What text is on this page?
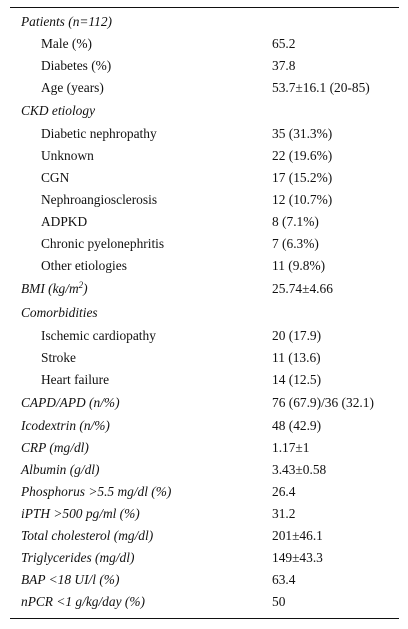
Patients (n=112)	
Male (%)	65.2
Diabetes (%)	37.8
Age (years)	53.7±16.1 (20-85)
CKD etiology	
Diabetic nephropathy	35 (31.3%)
Unknown	22 (19.6%)
CGN	17 (15.2%)
Nephroangiosclerosis	12 (10.7%)
ADPKD	8 (7.1%)
Chronic pyelonephritis	7 (6.3%)
Other etiologies	11 (9.8%)
BMI $(kg/m^2)$	25.74±4.66
Comorbidities	
Ischemic cardiopathy	20 (17.9)
Stroke	11 (13.6)
Heart failure	14 (12.5)
CAPD/APD (n/%)	76 (67.9)/36 (32.1)
Icodextrin (n/%)	48 (42.9)
CRP (mg/dl)	1.17±1
Albumin (g/dl)	3.43±0.58
Phosphorus >5.5 mg/dl (%)	26.4
iPTH >500 pg/ml (%)	31.2
Total cholesterol (mg/dl)	201±46.1
Triglycerides (mg/dl)	149±43.3
BAP <18 UI/l (%)	63.4
nPCR <1 g/kg/day (%)	50
